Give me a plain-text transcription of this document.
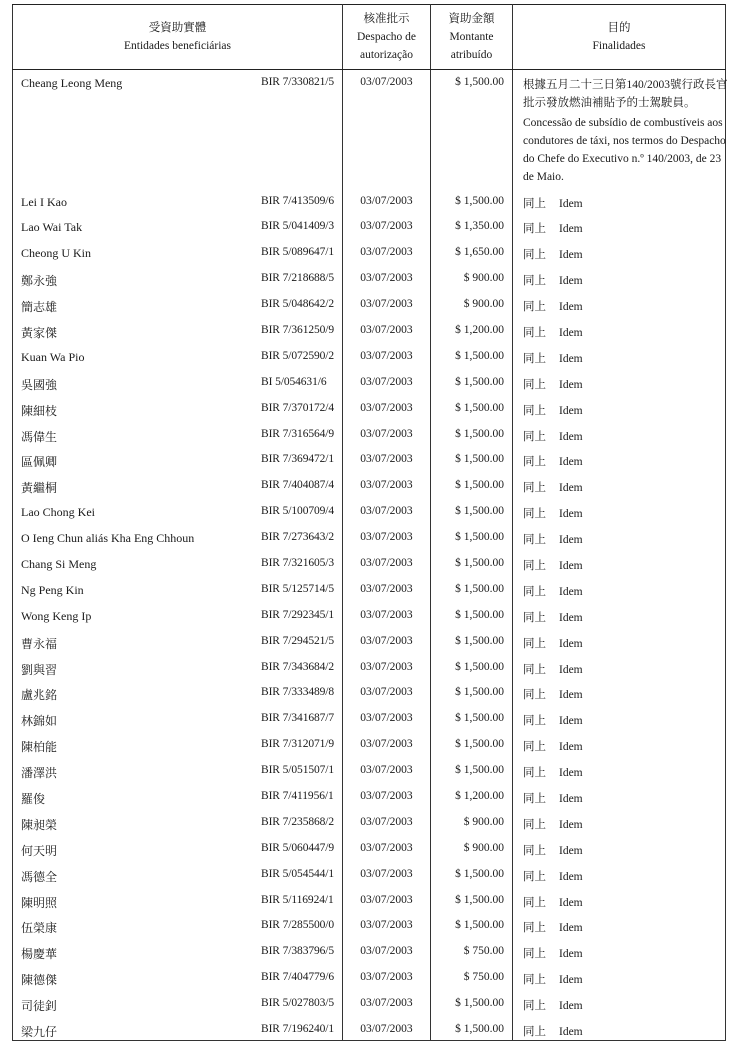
受資助實體
Entidades beneficiárias	核准批示
Despacho de
autorização	資助金額
Montante
atribuído	目的
Finalidades

Cheang Leong Meng BIR 7/330821/5	03/07/2003	$ 1,500.00	根據五月二十三日第140/2003號行政長官批示發放燃油補貼予的士駕駛員。
Concessão de subsídio de combustíveis aos condutores de táxi, nos termos do Despacho do Chefe do Executivo n.º 140/2003, de 23 de Maio.

Lei I Kao BIR 7/413509/6	03/07/2003	$ 1,500.00	同上 Idem

Lao Wai Tak BIR 5/041409/3	03/07/2003	$ 1,350.00	同上 Idem

Cheong U Kin BIR 5/089647/1	03/07/2003	$ 1,650.00	同上 Idem

鄭永強 BIR 7/218688/5	03/07/2003	$ 900.00	同上 Idem

簡志雄 BIR 5/048642/2	03/07/2003	$ 900.00	同上 Idem

黃家傑 BIR 7/361250/9	03/07/2003	$ 1,200.00	同上 Idem

Kuan Wa Pio BIR 5/072590/2	03/07/2003	$ 1,500.00	同上 Idem

吳國強 BI 5/054631/6	03/07/2003	$ 1,500.00	同上 Idem

陳細枝 BIR 7/370172/4	03/07/2003	$ 1,500.00	同上 Idem

馮偉生 BIR 7/316564/9	03/07/2003	$ 1,500.00	同上 Idem

區佩卿 BIR 7/369472/1	03/07/2003	$ 1,500.00	同上 Idem

黃繼桐 BIR 7/404087/4	03/07/2003	$ 1,500.00	同上 Idem

Lao Chong Kei BIR 5/100709/4	03/07/2003	$ 1,500.00	同上 Idem

O Ieng Chun aliás Kha Eng Chhoun BIR 7/273643/2	03/07/2003	$ 1,500.00	同上 Idem

Chang Si Meng BIR 7/321605/3	03/07/2003	$ 1,500.00	同上 Idem

Ng Peng Kin BIR 5/125714/5	03/07/2003	$ 1,500.00	同上 Idem

Wong Keng Ip BIR 7/292345/1	03/07/2003	$ 1,500.00	同上 Idem

曹永福 BIR 7/294521/5	03/07/2003	$ 1,500.00	同上 Idem

劉與習 BIR 7/343684/2	03/07/2003	$ 1,500.00	同上 Idem

盧兆銘 BIR 7/333489/8	03/07/2003	$ 1,500.00	同上 Idem

林錦如 BIR 7/341687/7	03/07/2003	$ 1,500.00	同上 Idem

陳柏能 BIR 7/312071/9	03/07/2003	$ 1,500.00	同上 Idem

潘澤洪 BIR 5/051507/1	03/07/2003	$ 1,500.00	同上 Idem

羅俊 BIR 7/411956/1	03/07/2003	$ 1,200.00	同上 Idem

陳昶榮 BIR 7/235868/2	03/07/2003	$ 900.00	同上 Idem

何天明 BIR 5/060447/9	03/07/2003	$ 900.00	同上 Idem

馮德全 BIR 5/054544/1	03/07/2003	$ 1,500.00	同上 Idem

陳明照 BIR 5/116924/1	03/07/2003	$ 1,500.00	同上 Idem

伍榮康 BIR 7/285500/0	03/07/2003	$ 1,500.00	同上 Idem

楊慶華 BIR 7/383796/5	03/07/2003	$ 750.00	同上 Idem

陳德傑 BIR 7/404779/6	03/07/2003	$ 750.00	同上 Idem

司徒釗 BIR 5/027803/5	03/07/2003	$ 1,500.00	同上 Idem

梁九仔 BIR 7/196240/1	03/07/2003	$ 1,500.00	同上 Idem
